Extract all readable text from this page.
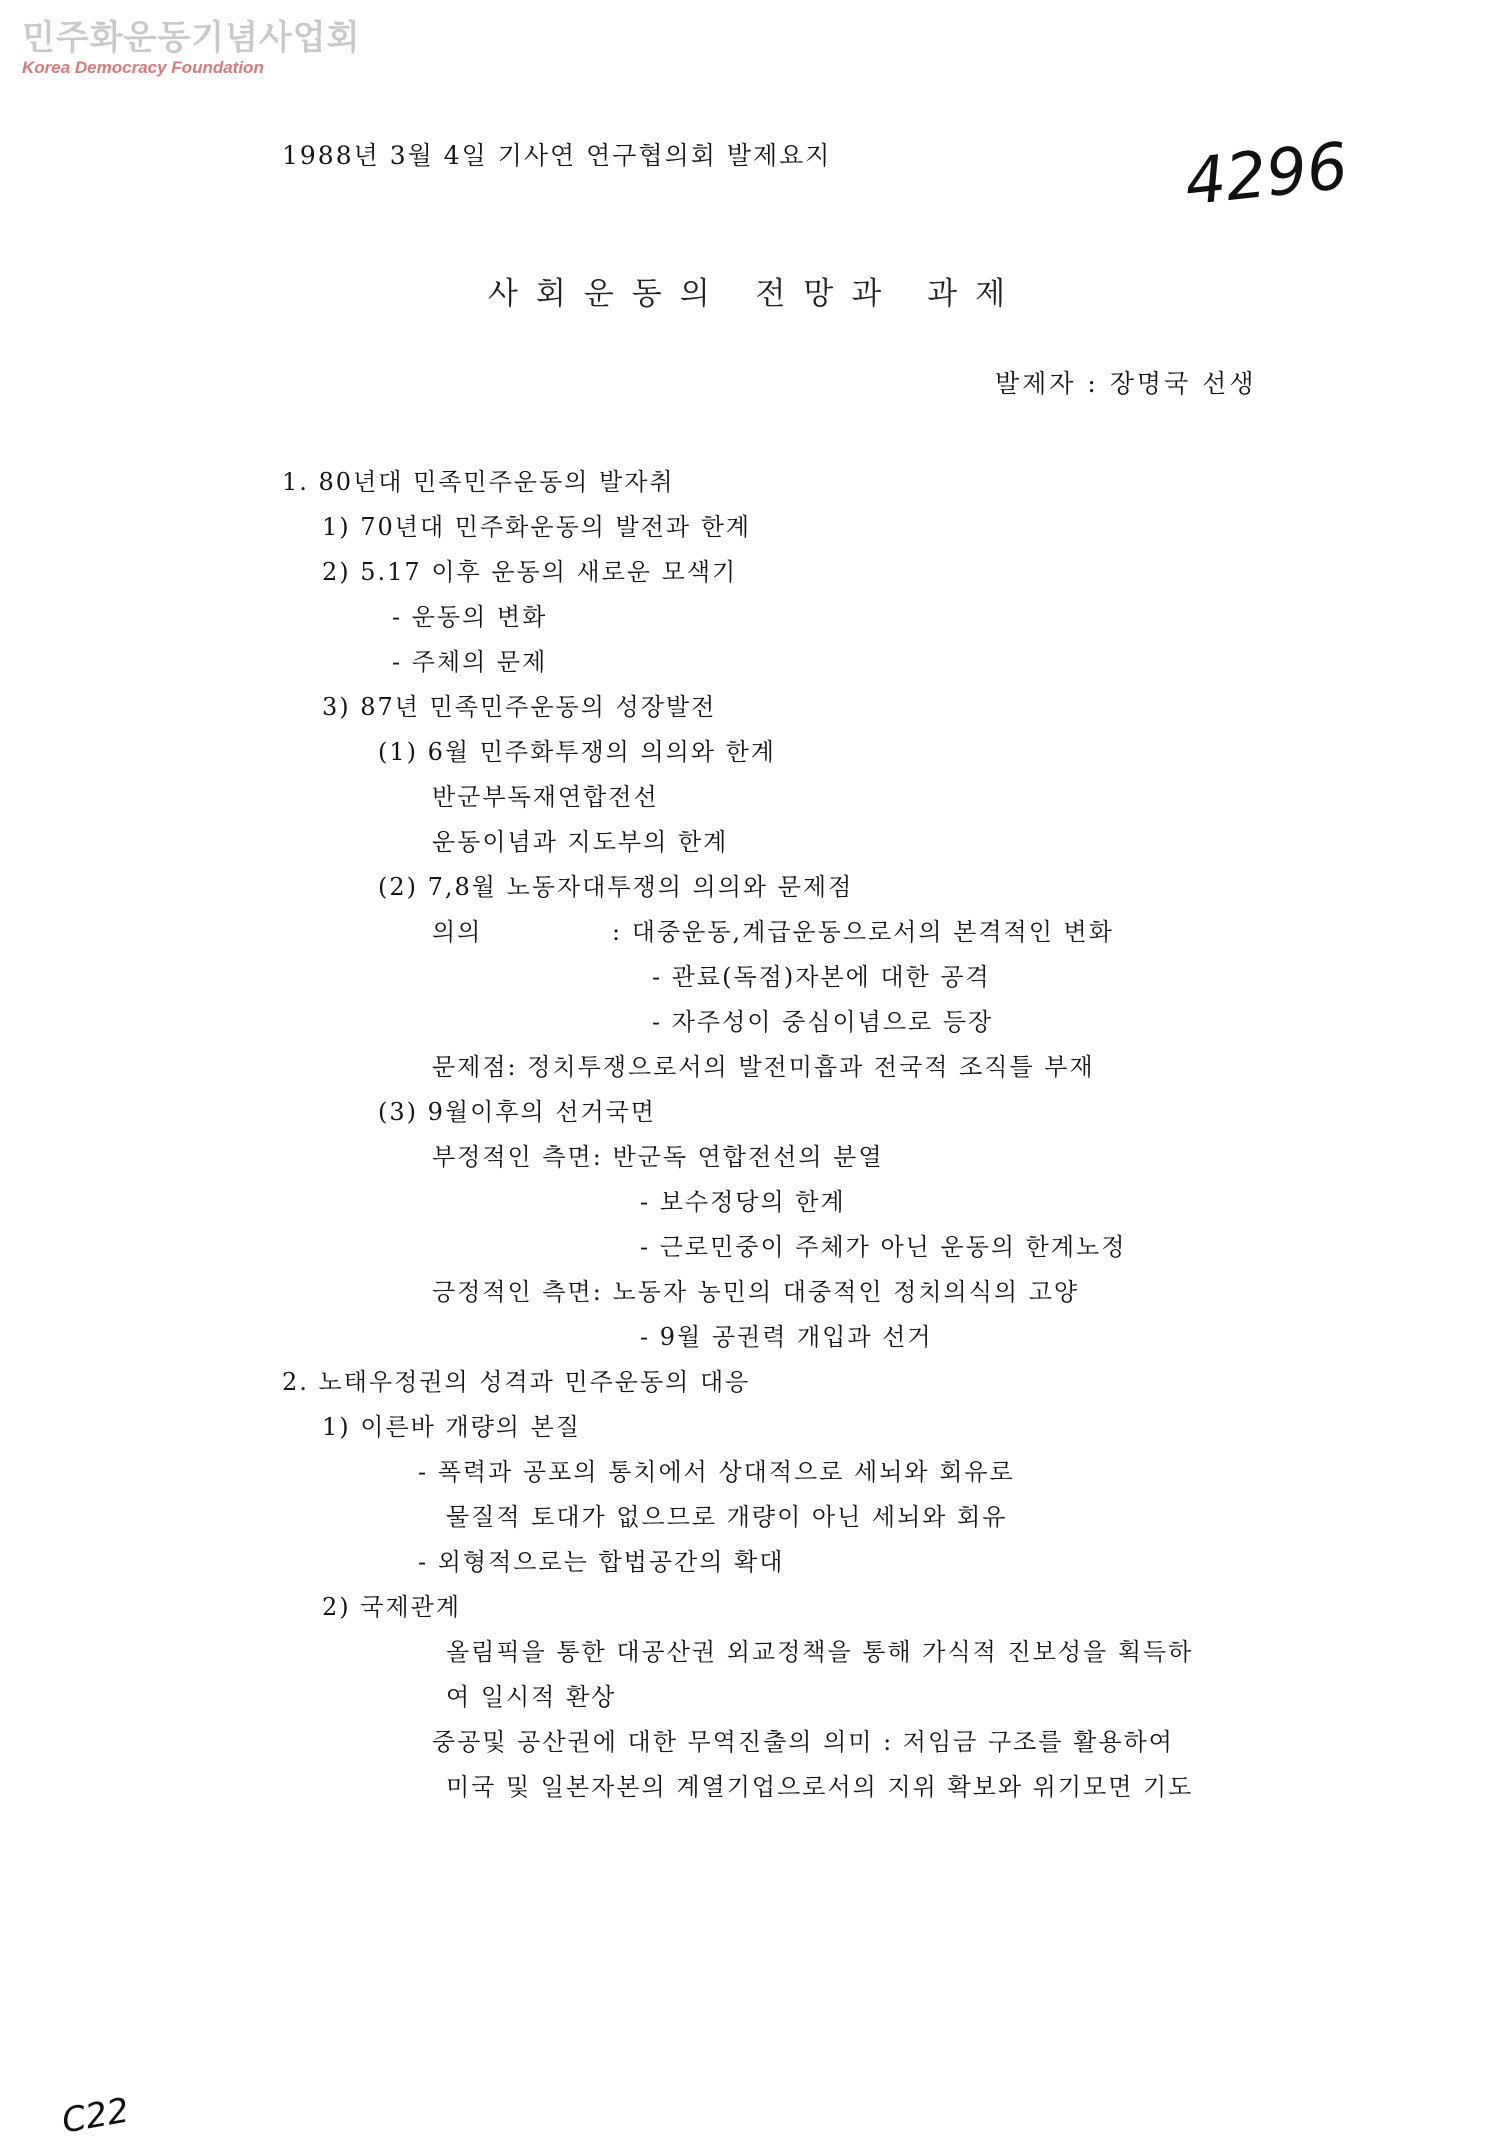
민주화운동기념사업회
Korea Democracy Foundation
1988년 3월 4일 기사연 연구협의회 발제요지	4296
사회운동의 전망과 과제
발제자 : 장명국 선생
1. 80년대 민족민주운동의 발자취
1) 70년대 민주화운동의 발전과 한계
2) 5.17 이후 운동의 새로운 모색기
- 운동의 변화
- 주체의 문제
3) 87년 민족민주운동의 성장발전
(1) 6월 민주화투쟁의 의의와 한계
반군부독재연합전선
운동이념과 지도부의 한계
(2) 7,8월 노동자대투쟁의 의의와 문제점
의의	: 대중운동,계급운동으로서의 본격적인 변화
- 관료(독점)자본에 대한 공격
- 자주성이 중심이념으로 등장
문제점: 정치투쟁으로서의 발전미흡과 전국적 조직틀 부재
(3) 9월이후의 선거국면
부정적인 측면: 반군독 연합전선의 분열
- 보수정당의 한계
- 근로민중이 주체가 아닌 운동의 한계노정
긍정적인 측면: 노동자 농민의 대중적인 정치의식의 고양
- 9월 공권력 개입과 선거
2. 노태우정권의 성격과 민주운동의 대응
1) 이른바 개량의 본질
- 폭력과 공포의 통치에서 상대적으로 세뇌와 회유로
물질적 토대가 없으므로 개량이 아닌 세뇌와 회유
- 외형적으로는 합법공간의 확대
2) 국제관계
올림픽을 통한 대공산권 외교정책을 통해 가식적 진보성을 획득하
여 일시적 환상
중공및 공산권에 대한 무역진출의 의미 : 저임금 구조를 활용하여
미국 및 일본자본의 계열기업으로서의 지위 확보와 위기모면 기도
C22
